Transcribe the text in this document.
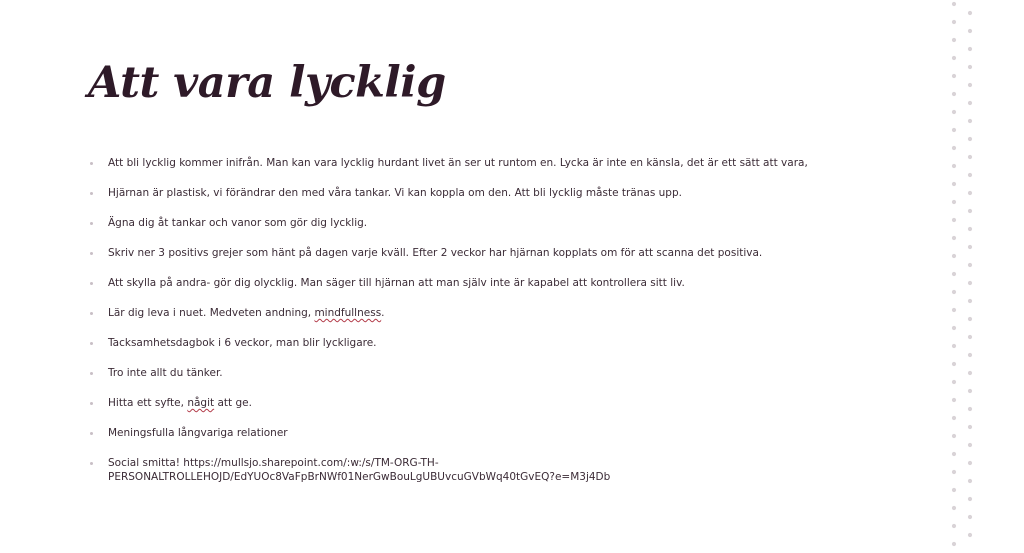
Att vara lycklig
Att bli lycklig kommer inifrån. Man kan vara lycklig hurdant livet än ser ut runtom en. Lycka är inte en känsla, det är ett sätt att vara,
Hjärnan är plastisk, vi förändrar den med våra tankar. Vi kan koppla om den. Att bli lycklig måste tränas upp.
Ägna dig åt tankar och vanor som gör dig lycklig.
Skriv ner 3 positivs grejer som hänt på dagen varje kväll. Efter 2 veckor har hjärnan kopplats om för att scanna det positiva.
Att skylla på andra- gör dig olycklig. Man säger till hjärnan att man själv inte är kapabel att kontrollera sitt liv.
Lär dig leva i nuet. Medveten andning, mindfullness.
Tacksamhetsdagbok i 6 veckor, man blir lyckligare.
Tro inte allt du tänker.
Hitta ett syfte, någit att ge.
Meningsfulla långvariga relationer
Social smitta! https://mullsjo.sharepoint.com/:w:/s/TM-ORG-TH-
PERSONALTROLLEHOJD/EdYUOc8VaFpBrNWf01NerGwBouLgUBUvcuGVbWq40tGvEQ?e=M3j4Db
